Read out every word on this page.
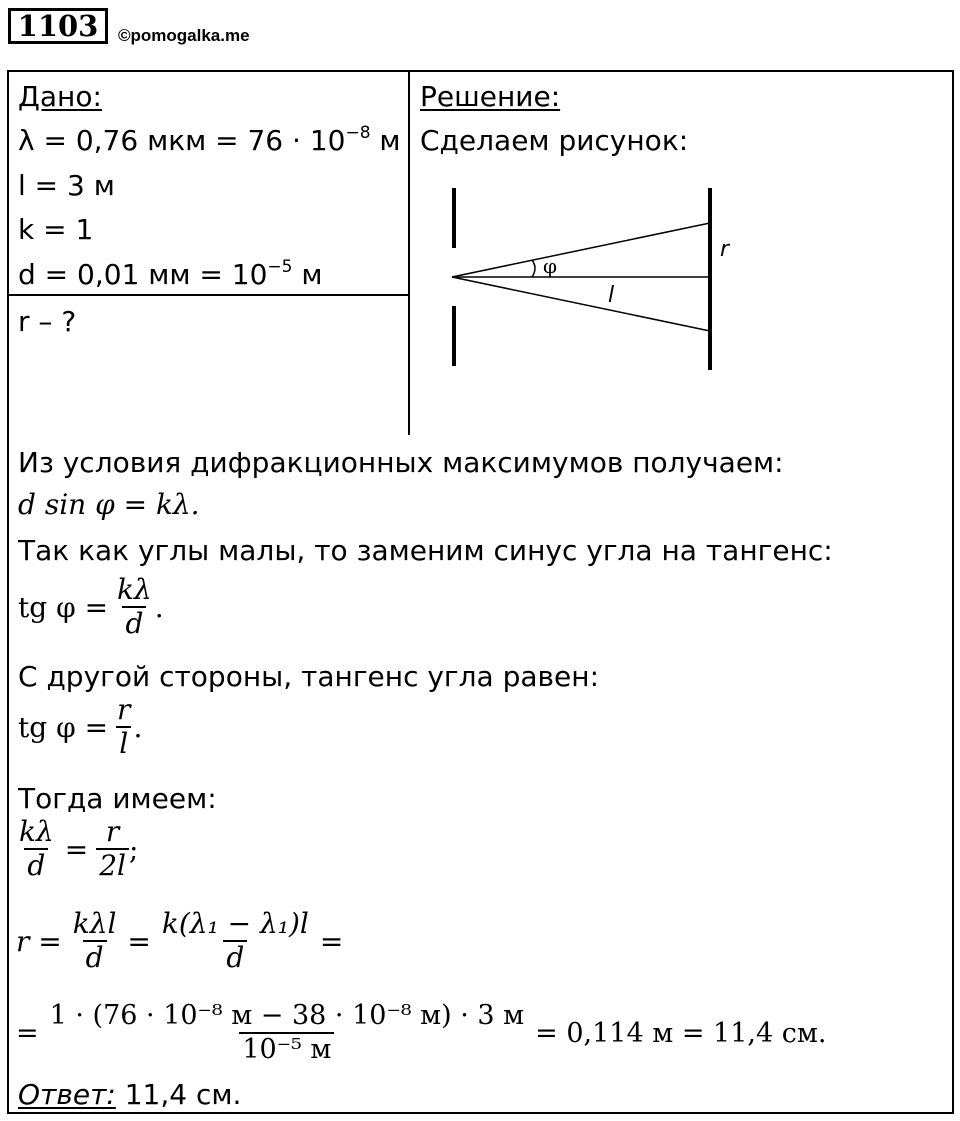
1103	©pomogalka.me
Дано:
λ = 0,76 мкм = $76 \cdot 10^{-8}$ м
l = 3 м
k = 1
d = 0,01 мм = $10^{-5}$ м
r – ?
Решение:
Сделаем рисунок:
φ
l
r
Из условия дифракционных максимумов получаем:
d sin φ = kλ.
Так как углы малы, то заменим синус угла на тангенс:
tg $\varphi = \frac{k\lambda}{d}$ .
С другой стороны, тангенс угла равен:
tg $\varphi = \frac{r}{l}$ .
Тогда имеем:
$\frac{k\lambda}{d} = \frac{r}{2l}$ ;
$r = \frac{\text{kλl}}{d} = \frac{\text{k(λ₁ − λ₁)l}}{d}$ =
= $\frac{\text{1 · (76 · 10⁻⁸ м − 38 · 10⁻⁸ м) · 3 м}}{\text{10⁻⁵ м}} = 0,114$ м = 11,4 см.
Ответ: 11,4 см.
